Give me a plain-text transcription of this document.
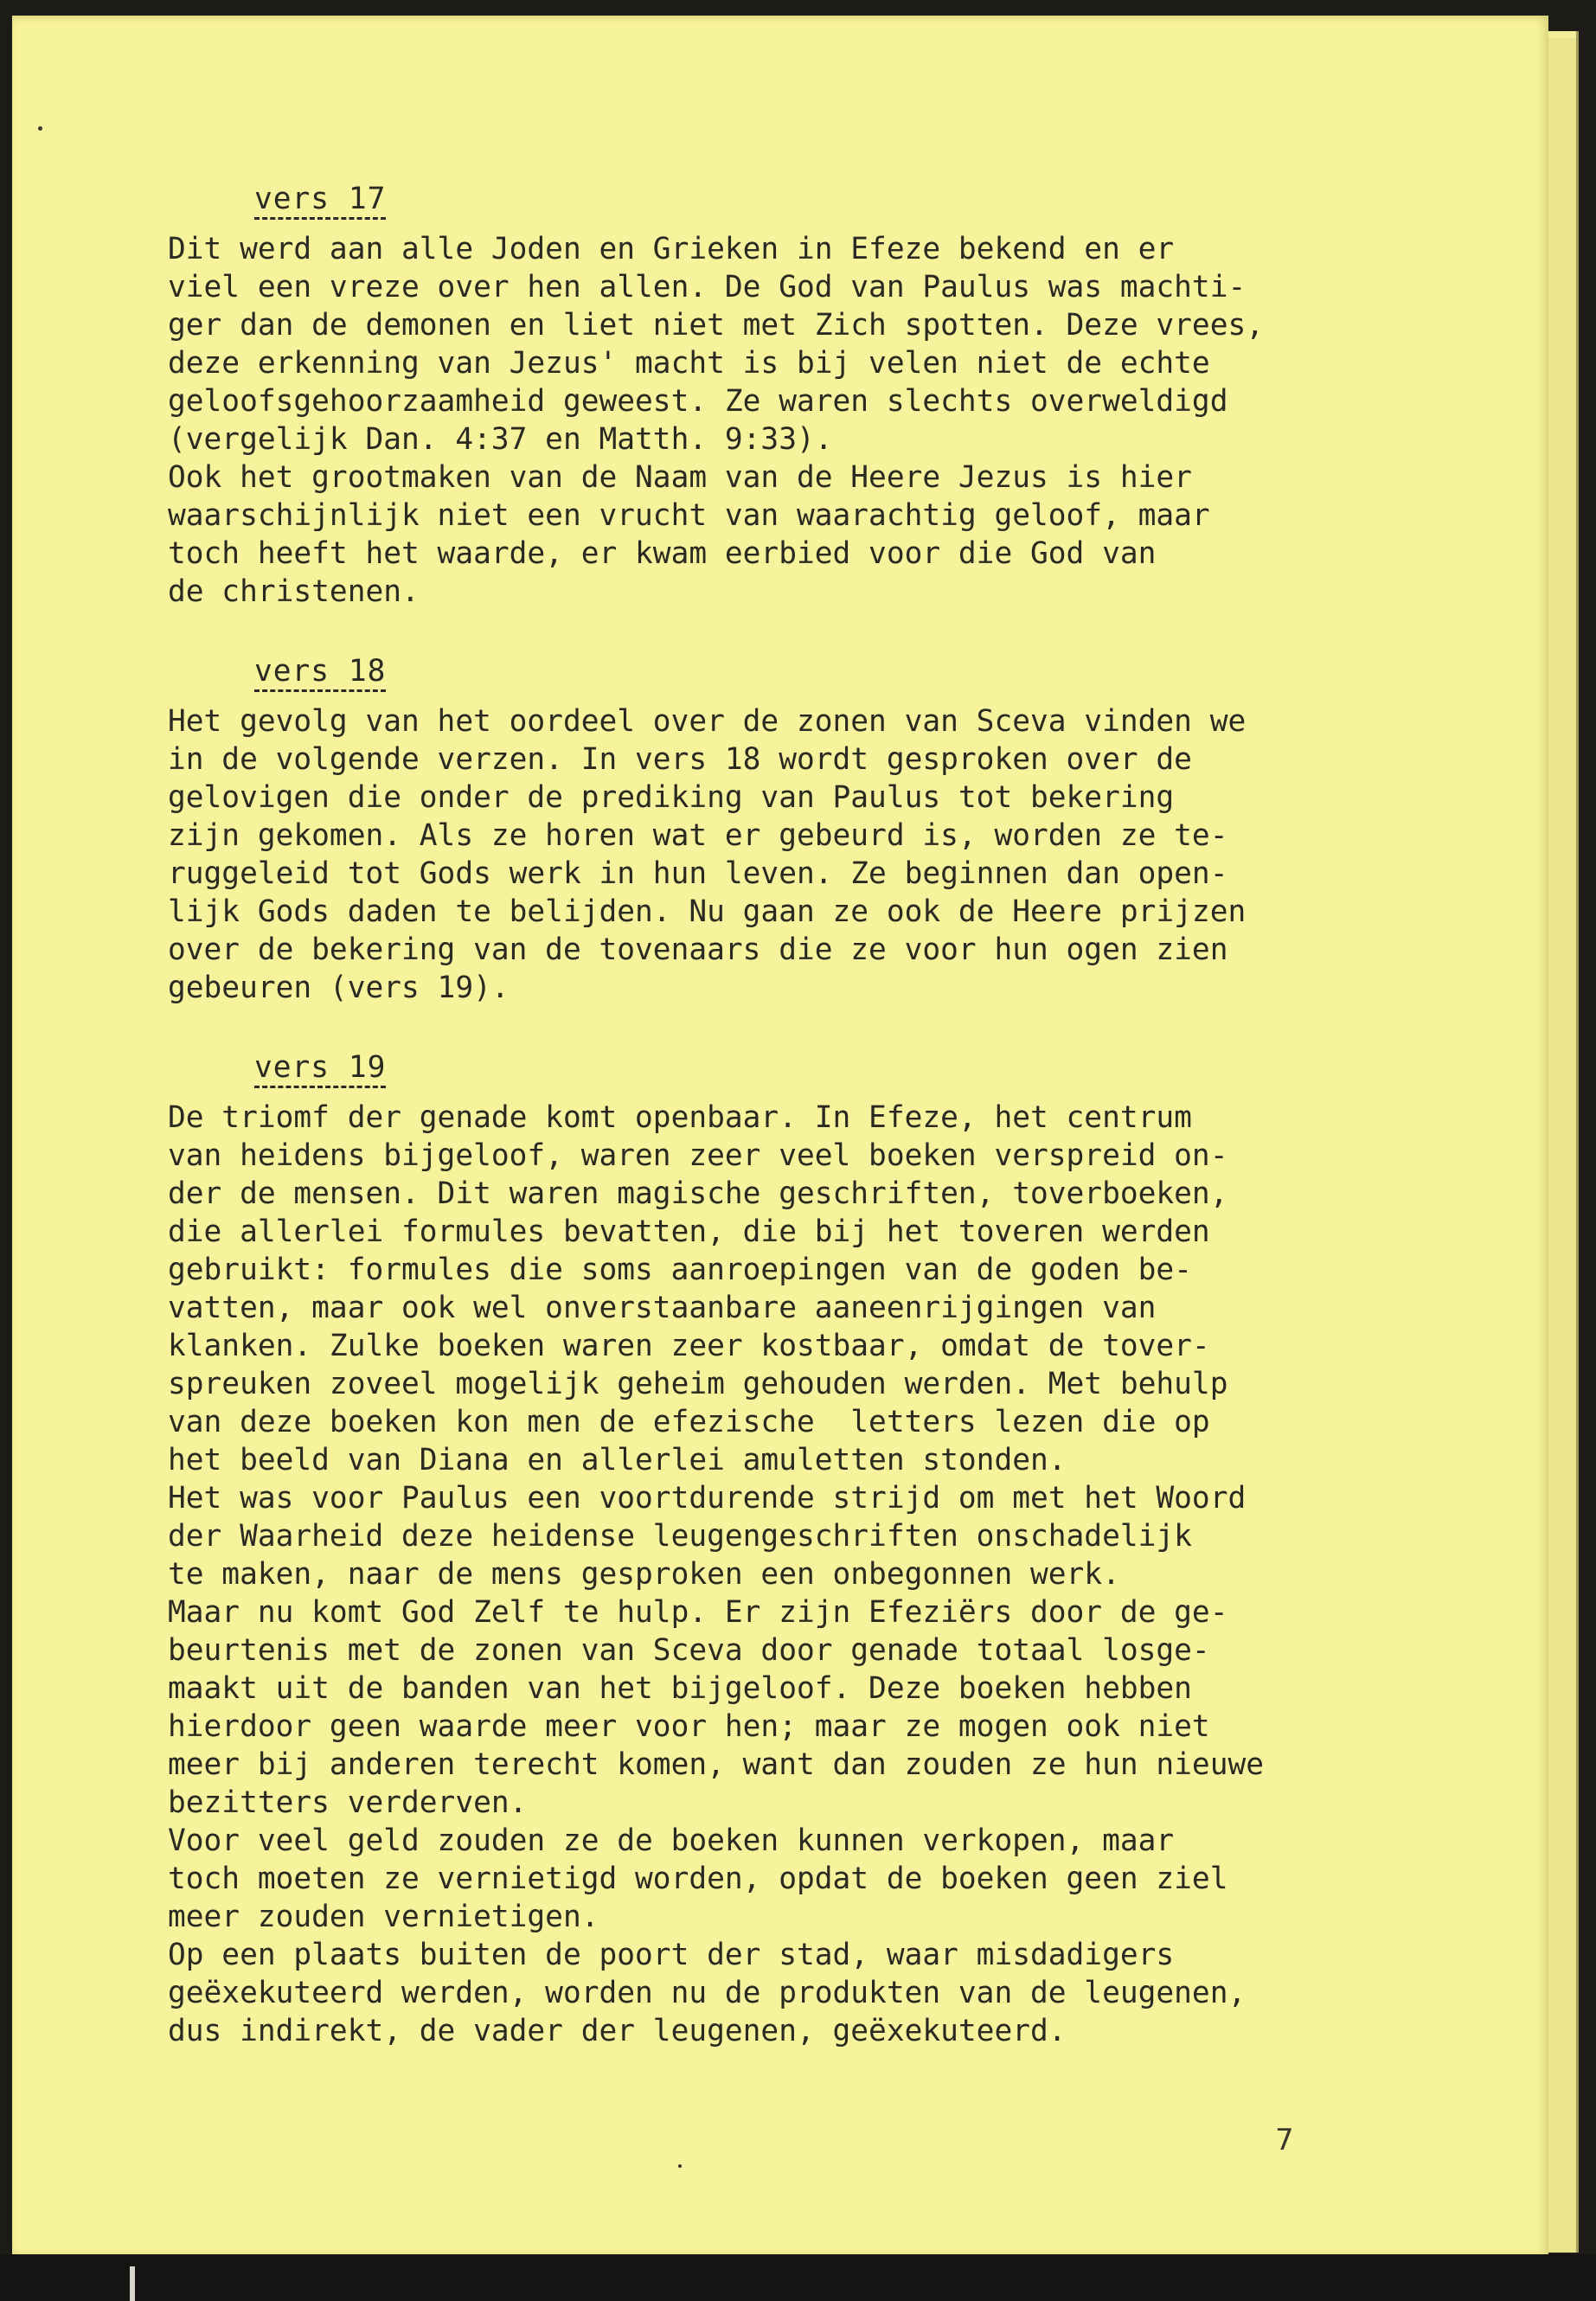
vers 17

Dit werd aan alle Joden en Grieken in Efeze bekend en er

viel een vreze over hen allen. De God van Paulus was machti-

ger dan de demonen en liet niet met Zich spotten. Deze vrees,

deze erkenning van Jezus' macht is bij velen niet de echte

geloofsgehoorzaamheid geweest. Ze waren slechts overweldigd

(vergelijk Dan. 4:37 en Matth. 9:33).

Ook het grootmaken van de Naam van de Heere Jezus is hier

waarschijnlijk niet een vrucht van waarachtig geloof, maar

toch heeft het waarde, er kwam eerbied voor die God van

de christenen.

vers 18

Het gevolg van het oordeel over de zonen van Sceva vinden we

in de volgende verzen. In vers 18 wordt gesproken over de

gelovigen die onder de prediking van Paulus tot bekering

zijn gekomen. Als ze horen wat er gebeurd is, worden ze te-

ruggeleid tot Gods werk in hun leven. Ze beginnen dan open-

lijk Gods daden te belijden. Nu gaan ze ook de Heere prijzen

over de bekering van de tovenaars die ze voor hun ogen zien

gebeuren (vers 19).

vers 19

De triomf der genade komt openbaar. In Efeze, het centrum

van heidens bijgeloof, waren zeer veel boeken verspreid on-

der de mensen. Dit waren magische geschriften, toverboeken,

die allerlei formules bevatten, die bij het toveren werden

gebruikt: formules die soms aanroepingen van de goden be-

vatten, maar ook wel onverstaanbare aaneenrijgingen van

klanken. Zulke boeken waren zeer kostbaar, omdat de tover-

spreuken zoveel mogelijk geheim gehouden werden. Met behulp

van deze boeken kon men de efezische  letters lezen die op

het beeld van Diana en allerlei amuletten stonden.

Het was voor Paulus een voortdurende strijd om met het Woord

der Waarheid deze heidense leugengeschriften onschadelijk

te maken, naar de mens gesproken een onbegonnen werk.

Maar nu komt God Zelf te hulp. Er zijn Efeziërs door de ge-

beurtenis met de zonen van Sceva door genade totaal losge-

maakt uit de banden van het bijgeloof. Deze boeken hebben

hierdoor geen waarde meer voor hen; maar ze mogen ook niet

meer bij anderen terecht komen, want dan zouden ze hun nieuwe

bezitters verderven.

Voor veel geld zouden ze de boeken kunnen verkopen, maar

toch moeten ze vernietigd worden, opdat de boeken geen ziel

meer zouden vernietigen.

Op een plaats buiten de poort der stad, waar misdadigers

geëxekuteerd werden, worden nu de produkten van de leugenen,

dus indirekt, de vader der leugenen, geëxekuteerd.

7
